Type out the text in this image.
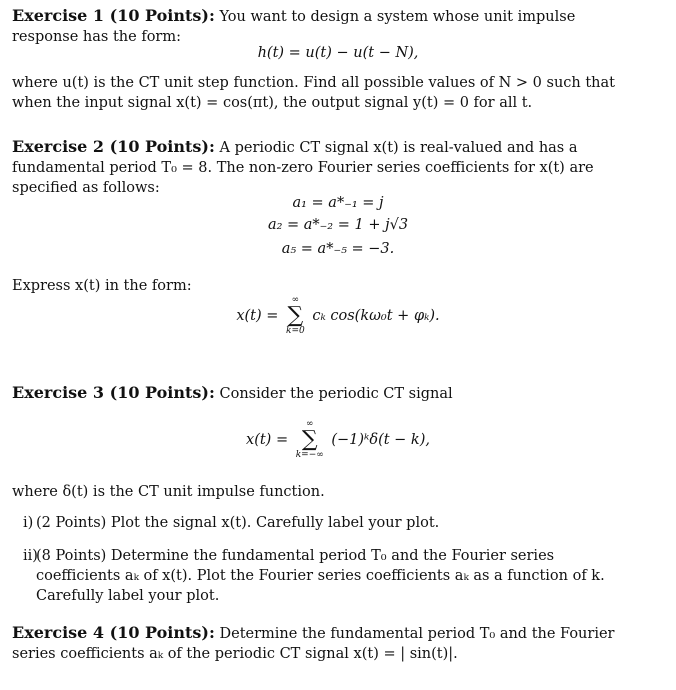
Exercise 1 (10 Points): You want to design a system whose unit impulse response has the form:
h(t) = u(t) − u(t − N),
where u(t) is the CT unit step function. Find all possible values of N > 0 such that when the input signal x(t) = cos(πt), the output signal y(t) = 0 for all t.
Exercise 2 (10 Points): A periodic CT signal x(t) is real-valued and has a fundamental period T₀ = 8. The non-zero Fourier series coefficients for x(t) are specified as follows:
a₁ = a*₋₁ = j
a₂ = a*₋₂ = 1 + j√3
a₅ = a*₋₅ = −3.
Express x(t) in the form:
x(t) =
∞
∑
k=0
cₖ cos(kω₀t + φₖ).
Exercise 3 (10 Points): Consider the periodic CT signal
x(t) =
∞
∑
k=−∞
(−1)ᵏδ(t − k),
where δ(t) is the CT unit impulse function.
i) (2 Points) Plot the signal x(t). Carefully label your plot.
ii)
(8 Points) Determine the fundamental period T₀ and the Fourier series coefficients aₖ of x(t). Plot the Fourier series coefficients aₖ as a function of k. Carefully label your plot.
Exercise 4 (10 Points): Determine the fundamental period T₀ and the Fourier series coefficients aₖ of the periodic CT signal x(t) = | sin(t)|.
